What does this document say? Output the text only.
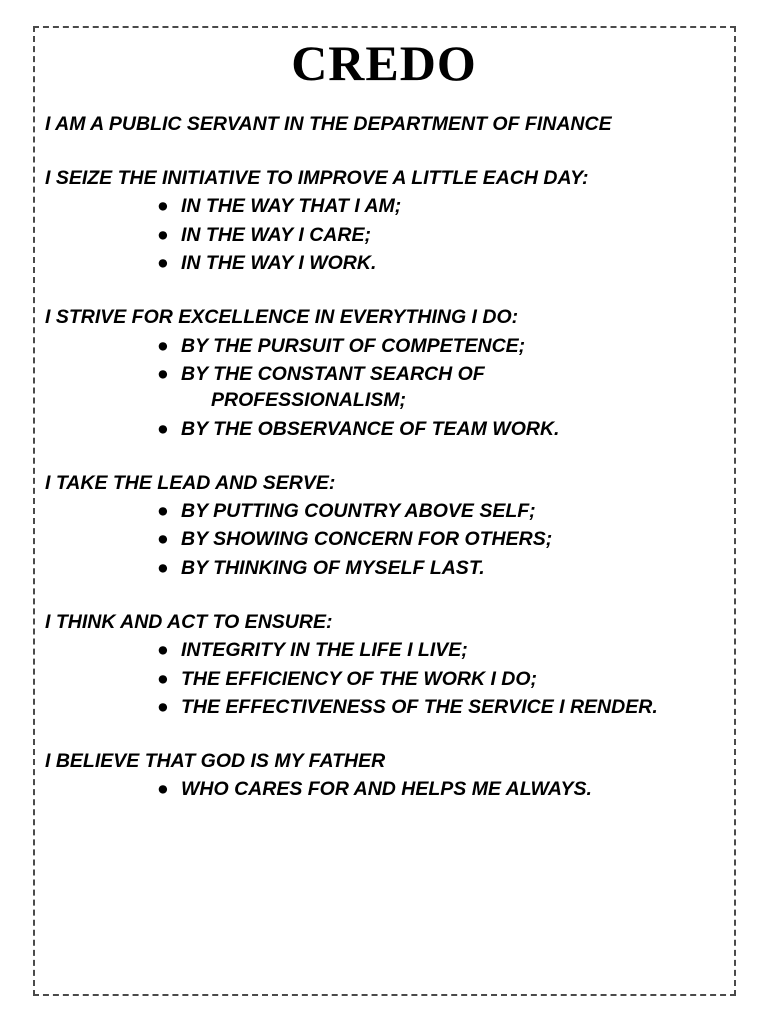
CREDO
I AM A PUBLIC SERVANT IN THE DEPARTMENT OF FINANCE
I SEIZE THE INITIATIVE TO IMPROVE A LITTLE EACH DAY:
● IN THE WAY THAT I AM;
● IN THE WAY I CARE;
● IN THE WAY I WORK.
I STRIVE FOR EXCELLENCE IN EVERYTHING I DO:
● BY THE PURSUIT OF COMPETENCE;
● BY THE CONSTANT SEARCH OF
PROFESSIONALISM;
● BY THE OBSERVANCE OF TEAM WORK.
I TAKE THE LEAD AND SERVE:
● BY PUTTING COUNTRY ABOVE SELF;
● BY SHOWING CONCERN FOR OTHERS;
● BY THINKING OF MYSELF LAST.
I THINK AND ACT TO ENSURE:
● INTEGRITY IN THE LIFE I LIVE;
● THE EFFICIENCY OF THE WORK I DO;
● THE EFFECTIVENESS OF THE SERVICE I RENDER.
I BELIEVE THAT GOD IS MY FATHER
● WHO CARES FOR AND HELPS ME ALWAYS.
